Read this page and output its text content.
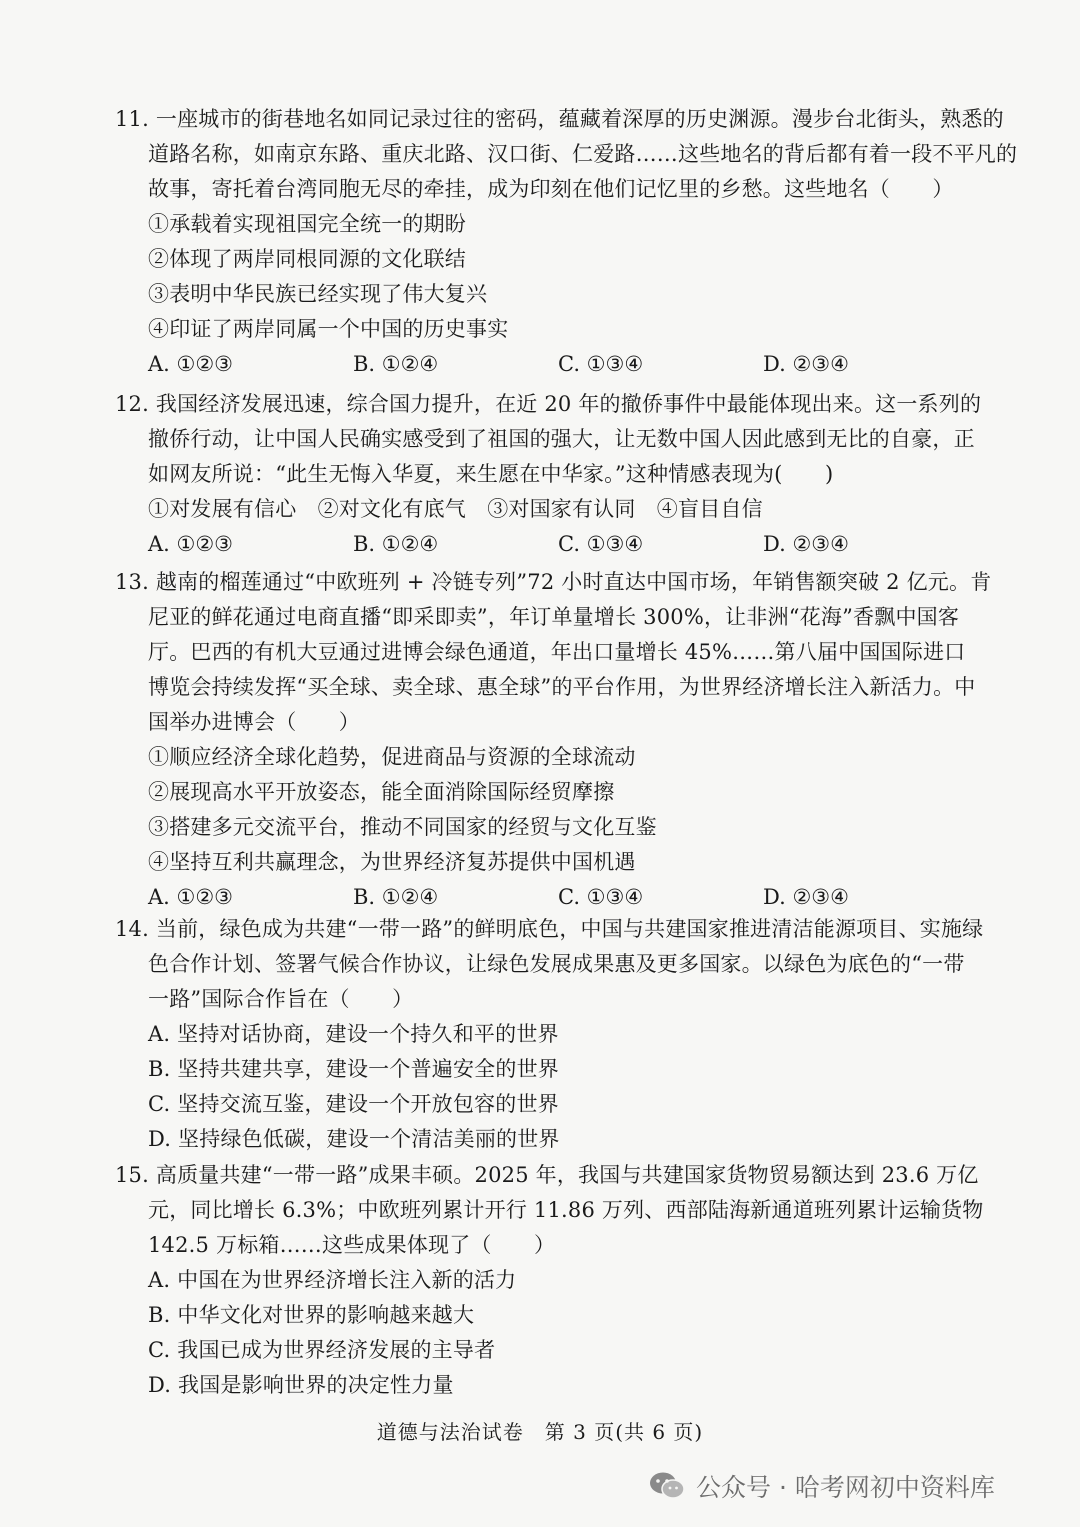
11. 一座城市的街巷地名如同记录过往的密码，蕴藏着深厚的历史渊源。漫步台北街头，熟悉的
道路名称，如南京东路、重庆北路、汉口街、仁爱路……这些地名的背后都有着一段不平凡的
故事，寄托着台湾同胞无尽的牵挂，成为印刻在他们记忆里的乡愁。这些地名（　　）
①承载着实现祖国完全统一的期盼
②体现了两岸同根同源的文化联结
③表明中华民族已经实现了伟大复兴
④印证了两岸同属一个中国的历史事实
A. ①②③	B. ①②④	C. ①③④	D. ②③④
12. 我国经济发展迅速，综合国力提升，在近 20 年的撤侨事件中最能体现出来。这一系列的
撤侨行动，让中国人民确实感受到了祖国的强大，让无数中国人因此感到无比的自豪，正
如网友所说：“此生无悔入华夏，来生愿在中华家。”这种情感表现为(　　)
①对发展有信心　②对文化有底气　③对国家有认同　④盲目自信
A. ①②③	B. ①②④	C. ①③④	D. ②③④
13. 越南的榴莲通过“中欧班列 + 冷链专列”72 小时直达中国市场，年销售额突破 2 亿元。肯
尼亚的鲜花通过电商直播“即采即卖”，年订单量增长 300%，让非洲“花海”香飘中国客
厅。巴西的有机大豆通过进博会绿色通道，年出口量增长 45%……第八届中国国际进口
博览会持续发挥“买全球、卖全球、惠全球”的平台作用，为世界经济增长注入新活力。中
国举办进博会（　　）
①顺应经济全球化趋势，促进商品与资源的全球流动
②展现高水平开放姿态，能全面消除国际经贸摩擦
③搭建多元交流平台，推动不同国家的经贸与文化互鉴
④坚持互利共赢理念，为世界经济复苏提供中国机遇
A. ①②③	B. ①②④	C. ①③④	D. ②③④
14. 当前，绿色成为共建“一带一路”的鲜明底色，中国与共建国家推进清洁能源项目、实施绿
色合作计划、签署气候合作协议，让绿色发展成果惠及更多国家。以绿色为底色的“一带
一路”国际合作旨在（　　）
A. 坚持对话协商，建设一个持久和平的世界
B. 坚持共建共享，建设一个普遍安全的世界
C. 坚持交流互鉴，建设一个开放包容的世界
D. 坚持绿色低碳，建设一个清洁美丽的世界
15. 高质量共建“一带一路”成果丰硕。2025 年，我国与共建国家货物贸易额达到 23.6 万亿
元，同比增长 6.3%；中欧班列累计开行 11.86 万列、西部陆海新通道班列累计运输货物
142.5 万标箱……这些成果体现了（　　）
A. 中国在为世界经济增长注入新的活力
B. 中华文化对世界的影响越来越大
C. 我国已成为世界经济发展的主导者
D. 我国是影响世界的决定性力量
道德与法治试卷　第 3 页(共 6 页)
公众号 · 哈考网初中资料库
